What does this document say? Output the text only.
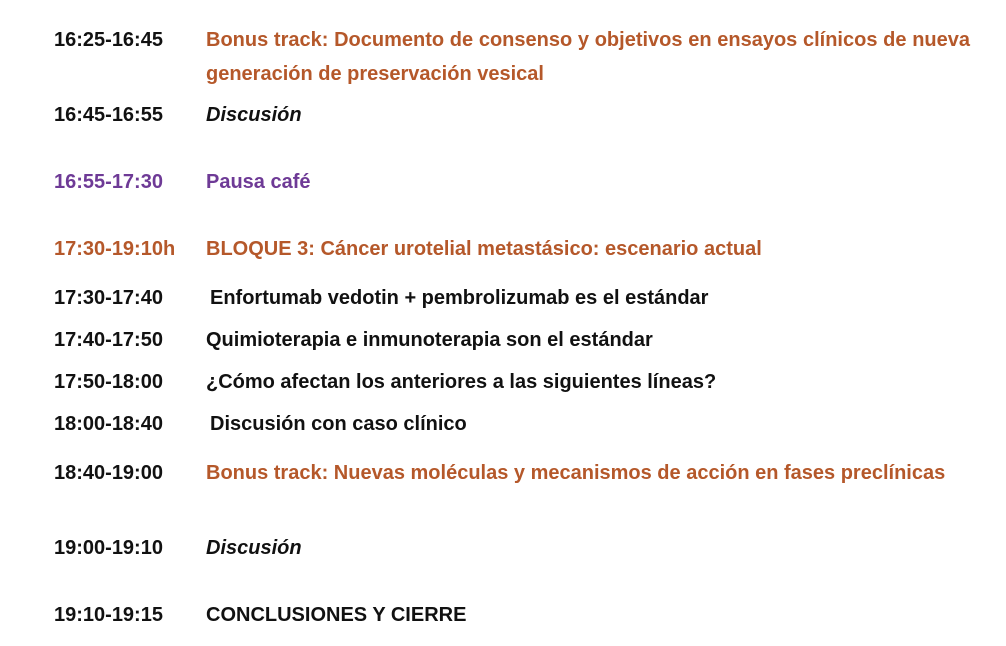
16:25-16:45	Bonus track: Documento de consenso y objetivos en ensayos clínicos de nueva generación de preservación vesical
16:45-16:55	Discusión
16:55-17:30	Pausa café
17:30-19:10h	BLOQUE 3: Cáncer urotelial metastásico: escenario actual
17:30-17:40	Enfortumab vedotin + pembrolizumab es el estándar
17:40-17:50	Quimioterapia e inmunoterapia son el estándar
17:50-18:00	¿Cómo afectan los anteriores a las siguientes líneas?
18:00-18:40	Discusión con caso clínico
18:40-19:00	Bonus track: Nuevas moléculas y mecanismos de acción en fases preclínicas
19:00-19:10	Discusión
19:10-19:15	CONCLUSIONES Y CIERRE
